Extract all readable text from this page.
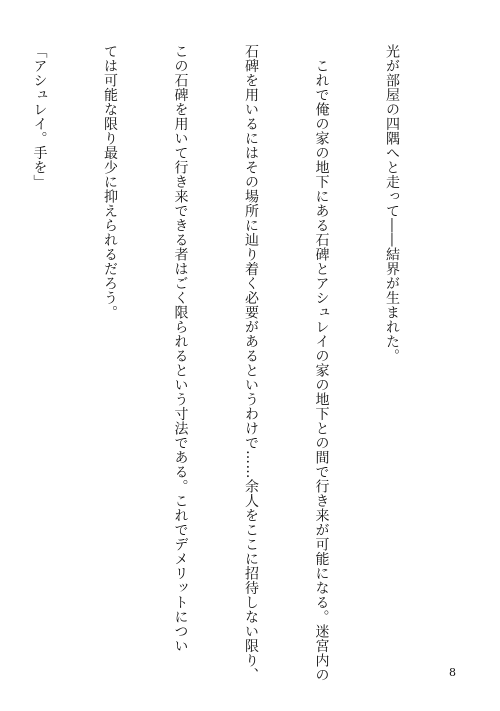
光が部屋の四隅へと走って――結界が生まれた。

　これで俺の家の地下にある石碑とアシュレイの家の地下との間で行き来が可能になる。迷宮内の

石碑を用いるにはその場所に辿り着く必要があるというわけで……余人をここに招待しない限り、

この石碑を用いて行き来できる者はごく限られるという寸法である。これでデメリットについ

ては可能な限り最少に抑えられるだろう。

「アシュレイ。手を」

8
